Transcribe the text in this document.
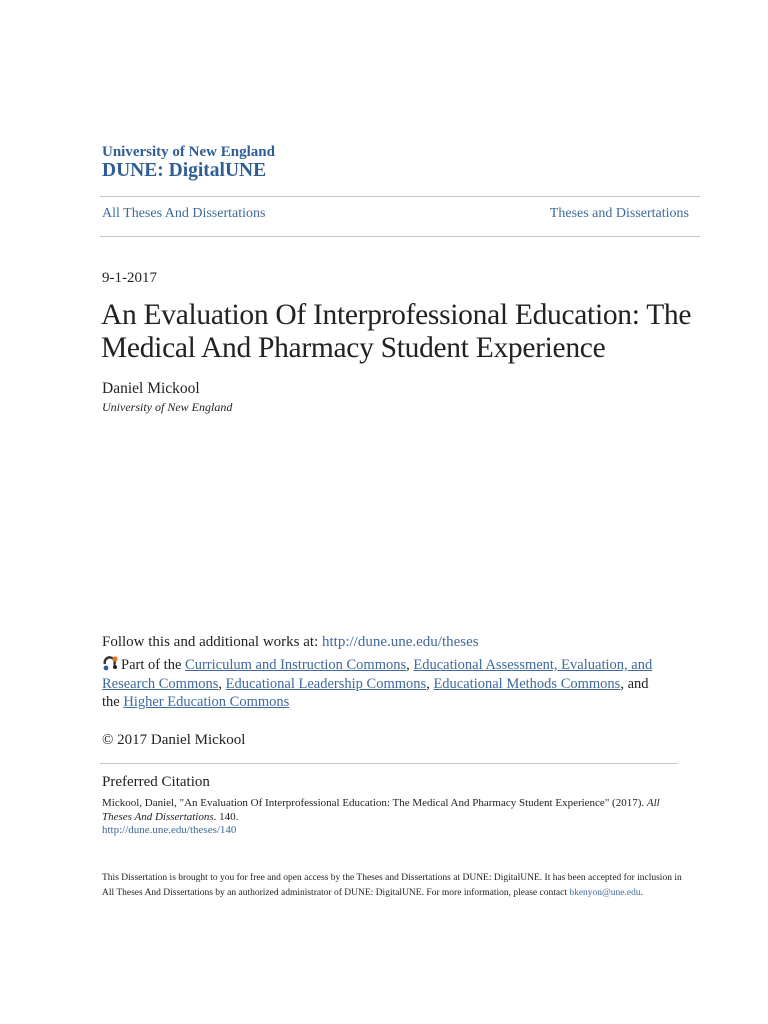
University of New England
DUNE: DigitalUNE
All Theses And Dissertations	Theses and Dissertations
9-1-2017
An Evaluation Of Interprofessional Education: The Medical And Pharmacy Student Experience
Daniel Mickool
University of New England
Follow this and additional works at: http://dune.une.edu/theses
Part of the Curriculum and Instruction Commons, Educational Assessment, Evaluation, and Research Commons, Educational Leadership Commons, Educational Methods Commons, and the Higher Education Commons
© 2017 Daniel Mickool
Preferred Citation
Mickool, Daniel, "An Evaluation Of Interprofessional Education: The Medical And Pharmacy Student Experience" (2017). All Theses And Dissertations. 140.
http://dune.une.edu/theses/140
This Dissertation is brought to you for free and open access by the Theses and Dissertations at DUNE: DigitalUNE. It has been accepted for inclusion in All Theses And Dissertations by an authorized administrator of DUNE: DigitalUNE. For more information, please contact bkenyon@une.edu.
